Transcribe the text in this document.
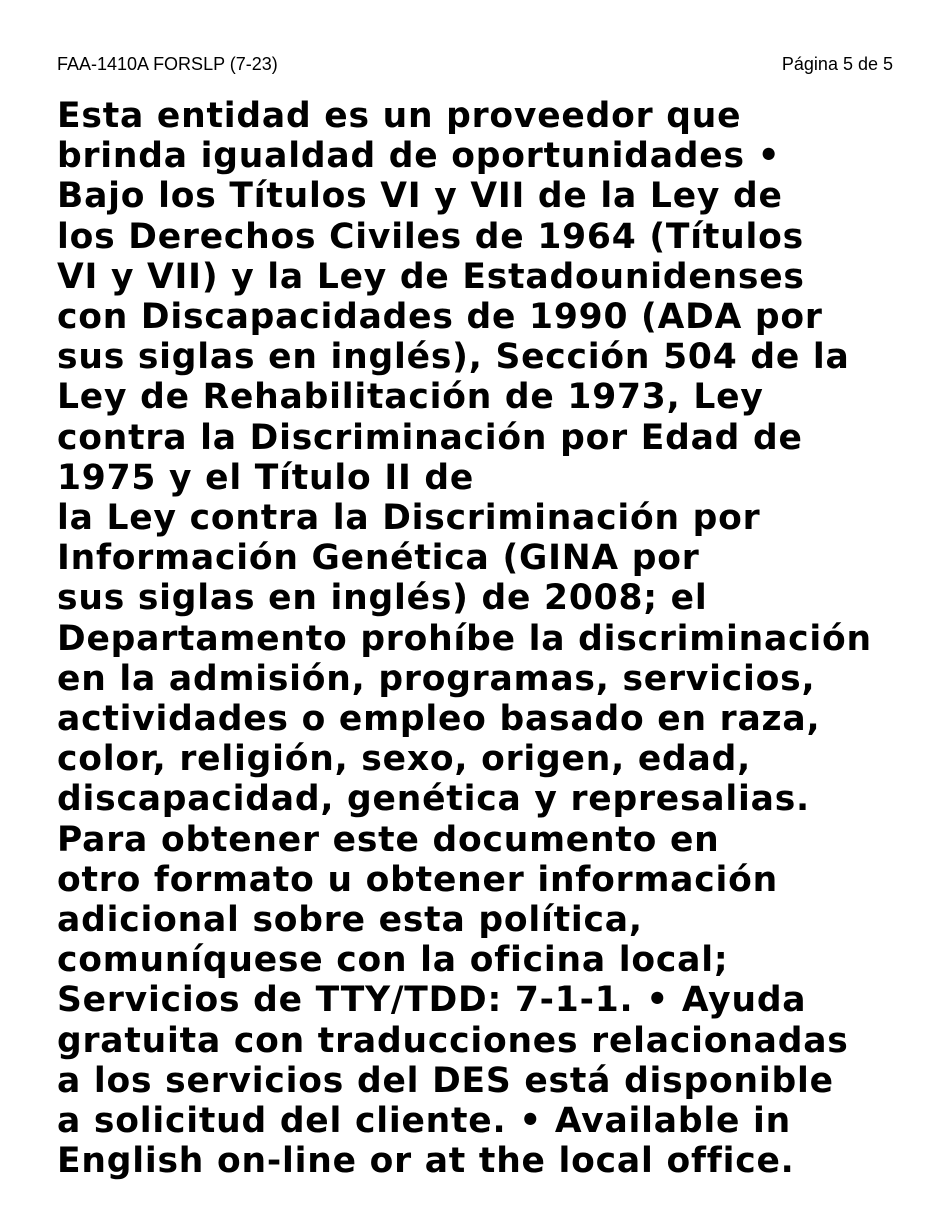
FAA-1410A FORSLP (7-23)	Página 5 de 5
Esta entidad es un proveedor que
brinda igualdad de oportunidades •
Bajo los Títulos VI y VII de la Ley de
los Derechos Civiles de 1964 (Títulos
VI y VII) y la Ley de Estadounidenses
con Discapacidades de 1990 (ADA por
sus siglas en inglés), Sección 504 de la
Ley de Rehabilitación de 1973, Ley
contra la Discriminación por Edad de
1975 y el Título II de
la Ley contra la Discriminación por
Información Genética (GINA por
sus siglas en inglés) de 2008; el
Departamento prohíbe la discriminación
en la admisión, programas, servicios,
actividades o empleo basado en raza,
color, religión, sexo, origen, edad,
discapacidad, genética y represalias.
Para obtener este documento en
otro formato u obtener información
adicional sobre esta política,
comuníquese con la oficina local;
Servicios de TTY/TDD: 7-1-1. • Ayuda
gratuita con traducciones relacionadas
a los servicios del DES está disponible
a solicitud del cliente. • Available in
English on-line or at the local office.
